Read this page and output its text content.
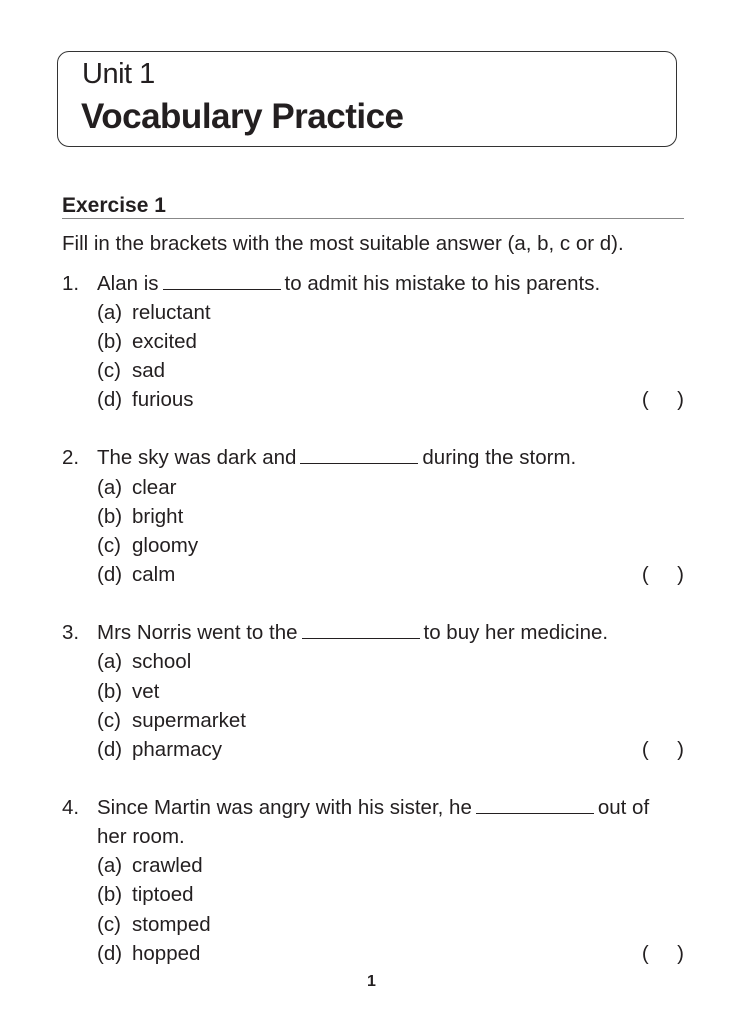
Unit 1
Vocabulary Practice
Exercise 1
Fill in the brackets with the most suitable answer (a, b, c or d).
1. Alan is	to admit his mistake to his parents.
(a) reluctant
(b) excited
(c) sad
(d) furious	(     )
2. The sky was dark and	during the storm.
(a) clear
(b) bright
(c) gloomy
(d) calm	(     )
3. Mrs Norris went to the	to buy her medicine.
(a) school
(b) vet
(c) supermarket
(d) pharmacy	(     )
4. Since Martin was angry with his sister, he	out of
her room.
(a) crawled
(b) tiptoed
(c) stomped
(d) hopped	(     )
1
